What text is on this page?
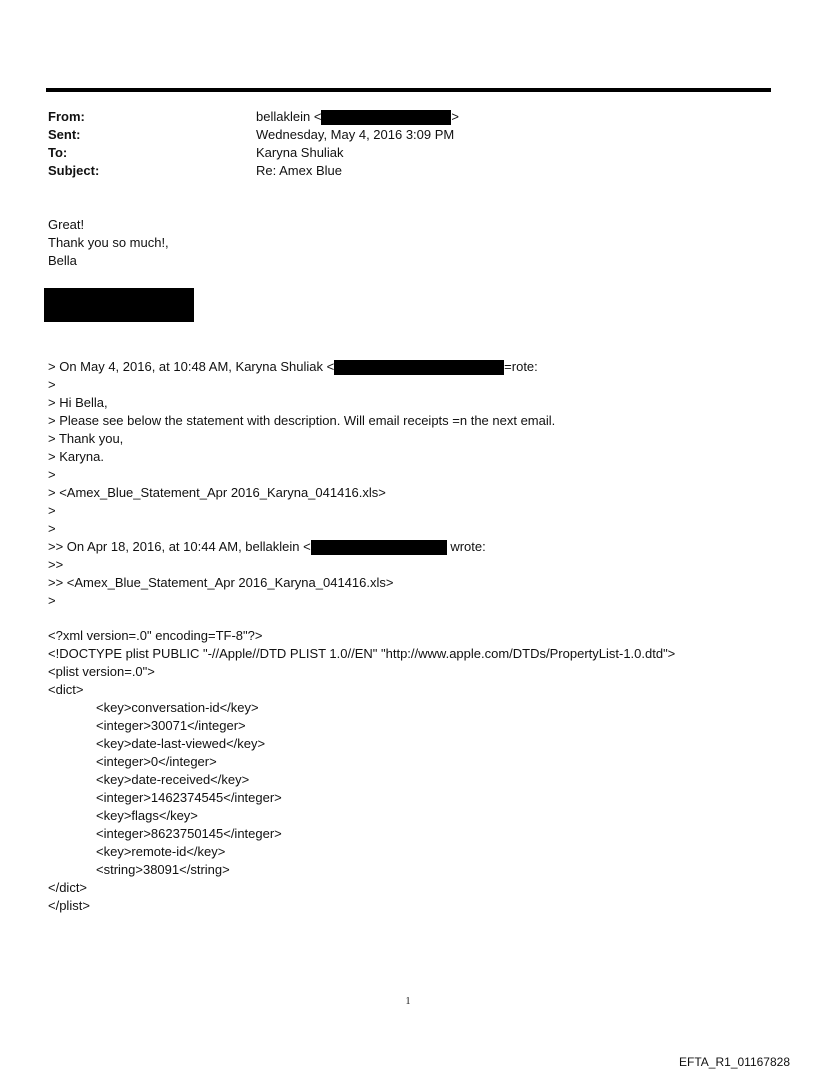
From:	bellaklein <	>
Sent:	Wednesday, May 4, 2016 3:09 PM
To:	Karyna Shuliak
Subject:	Re: Amex Blue
Great!
Thank you so much!,
Bella
> On May 4, 2016, at 10:48 AM, Karyna Shuliak <	=rote:
>
> Hi Bella,
> Please see below the statement with description. Will email receipts =n the next email.
> Thank you,
> Karyna.
>
> <Amex_Blue_Statement_Apr 2016_Karyna_041416.xls>
>
>
>> On Apr 18, 2016, at 10:44 AM, bellaklein <	wrote:
>>
>> <Amex_Blue_Statement_Apr 2016_Karyna_041416.xls>
>
<?xml version=.0" encoding=TF-8"?>
<!DOCTYPE plist PUBLIC "-//Apple//DTD PLIST 1.0//EN" "http://www.apple.com/DTDs/PropertyList-1.0.dtd">
<plist version=.0">
<dict>
<key>conversation-id</key>
<integer>30071</integer>
<key>date-last-viewed</key>
<integer>0</integer>
<key>date-received</key>
<integer>1462374545</integer>
<key>flags</key>
<integer>8623750145</integer>
<key>remote-id</key>
<string>38091</string>
</dict>
</plist>
1
EFTA_R1_01167828
